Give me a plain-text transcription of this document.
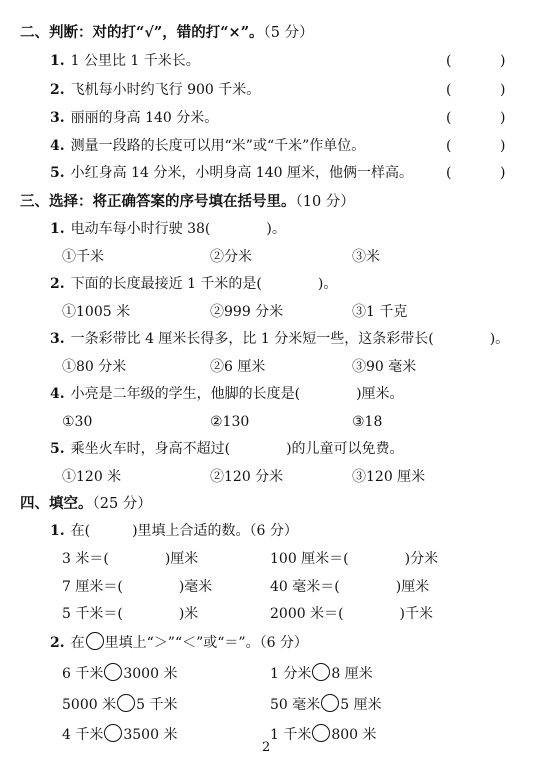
二、判断：对的打“√”，错的打“×”。（5 分）
1. 1 公里比 1 千米长。	(	)
2. 飞机每小时约飞行 900 千米。	(	)
3. 丽丽的身高 140 分米。	(	)
4. 测量一段路的长度可以用“米”或“千米”作单位。	(	)
5. 小红身高 14 分米，小明身高 140 厘米，他俩一样高。 (	)
三、选择：将正确答案的序号填在括号里。（10 分）
1. 电动车每小时行驶 38(　　　　)。
①千米	②分米	③米
2. 下面的长度最接近 1 千米的是(　　　　)。
①1005 米	②999 分米	③1 千克
3. 一条彩带比 4 厘米长得多，比 1 分米短一些，这条彩带长(　　　　)。
①80 分米	②6 厘米	③90 毫米
4. 小亮是二年级的学生，他脚的长度是(　　　　)厘米。
①30	②130	③18
5. 乘坐火车时，身高不超过(　　　　)的儿童可以免费。
①120 米	②120 分米	③120 厘米
四、填空。（25 分）
1. 在(　　　)里填上合适的数。（6 分）
3 米＝(　　　　)厘米	100 厘米＝(　　　　)分米
7 厘米＝(　　　　)毫米	40 毫米＝(　　　　)厘米
5 千米＝(　　　　)米	2000 米＝(　　　　)千米
2. 在 里填上“＞”“＜”或“＝”。（6 分）
6 千米 3000 米	1 分米 8 厘米
5000 米 5 千米	50 毫米 5 厘米
4 千米 3500 米	1 千米 800 米
2
